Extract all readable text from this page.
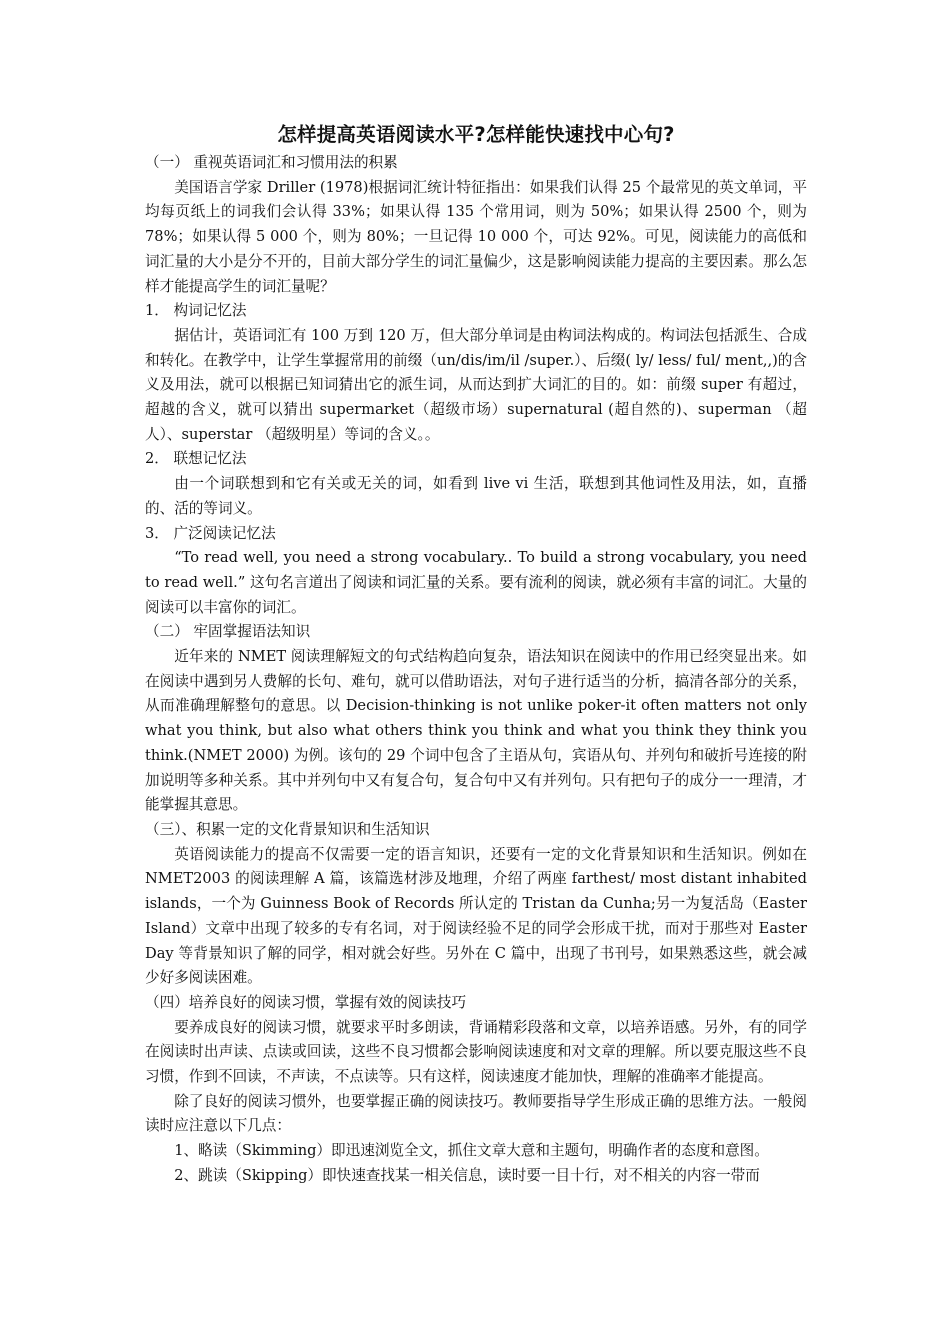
怎样提高英语阅读水平?怎样能快速找中心句?

（一） 重视英语词汇和习惯用法的积累

美国语言学家 Driller (1978)根据词汇统计特征指出：如果我们认得 25 个最常见的英文单词，平均每页纸上的词我们会认得 33%；如果认得 135 个常用词，则为 50%；如果认得 2500 个，则为 78%；如果认得 5 000 个，则为 80%；一旦记得 10 000 个，可达 92%。可见，阅读能力的高低和词汇量的大小是分不开的，目前大部分学生的词汇量偏少，这是影响阅读能力提高的主要因素。那么怎样才能提高学生的词汇量呢？

1． 构词记忆法

据估计，英语词汇有 100 万到 120 万，但大部分单词是由构词法构成的。构词法包括派生、合成和转化。在教学中，让学生掌握常用的前缀（un/dis/im/il /super.）、后缀( ly/ less/ ful/ ment,,)的含义及用法，就可以根据已知词猜出它的派生词，从而达到扩大词汇的目的。如：前缀 super 有超过，超越的含义，就可以猜出 supermarket（超级市场）supernatural (超自然的)、superman （超人）、superstar （超级明星）等词的含义。。

2． 联想记忆法

由一个词联想到和它有关或无关的词，如看到 live vi 生活，联想到其他词性及用法，如，直播的、活的等词义。

3． 广泛阅读记忆法

“To read well, you need a strong vocabulary.. To build a strong vocabulary, you need to read well.” 这句名言道出了阅读和词汇量的关系。要有流利的阅读，就必须有丰富的词汇。大量的阅读可以丰富你的词汇。

（二） 牢固掌握语法知识

近年来的 NMET 阅读理解短文的句式结构趋向复杂，语法知识在阅读中的作用已经突显出来。如在阅读中遇到另人费解的长句、难句，就可以借助语法，对句子进行适当的分析，搞清各部分的关系，从而准确理解整句的意思。以 Decision-thinking is not unlike poker-it often matters not only what you think, but also what others think you think and what you think they think you think.(NMET 2000) 为例。该句的 29 个词中包含了主语从句，宾语从句、并列句和破折号连接的附加说明等多种关系。其中并列句中又有复合句，复合句中又有并列句。只有把句子的成分一一理清，才能掌握其意思。

（三）、积累一定的文化背景知识和生活知识

英语阅读能力的提高不仅需要一定的语言知识，还要有一定的文化背景知识和生活知识。例如在 NMET2003 的阅读理解 A 篇，该篇选材涉及地理，介绍了两座 farthest/ most distant inhabited islands，一个为 Guinness Book of Records 所认定的 Tristan da Cunha;另一为复活岛（Easter Island）文章中出现了较多的专有名词，对于阅读经验不足的同学会形成干扰，而对于那些对 Easter Day 等背景知识了解的同学，相对就会好些。另外在 C 篇中，出现了书刊号，如果熟悉这些，就会减少好多阅读困难。

（四）培养良好的阅读习惯，掌握有效的阅读技巧

要养成良好的阅读习惯，就要求平时多朗读，背诵精彩段落和文章，以培养语感。另外，有的同学在阅读时出声读、点读或回读，这些不良习惯都会影响阅读速度和对文章的理解。所以要克服这些不良习惯，作到不回读，不声读，不点读等。只有这样，阅读速度才能加快，理解的准确率才能提高。

除了良好的阅读习惯外，也要掌握正确的阅读技巧。教师要指导学生形成正确的思维方法。一般阅读时应注意以下几点：

1、略读（Skimming）即迅速浏览全文，抓住文章大意和主题句，明确作者的态度和意图。

2、跳读（Skipping）即快速查找某一相关信息，读时要一目十行，对不相关的内容一带而
